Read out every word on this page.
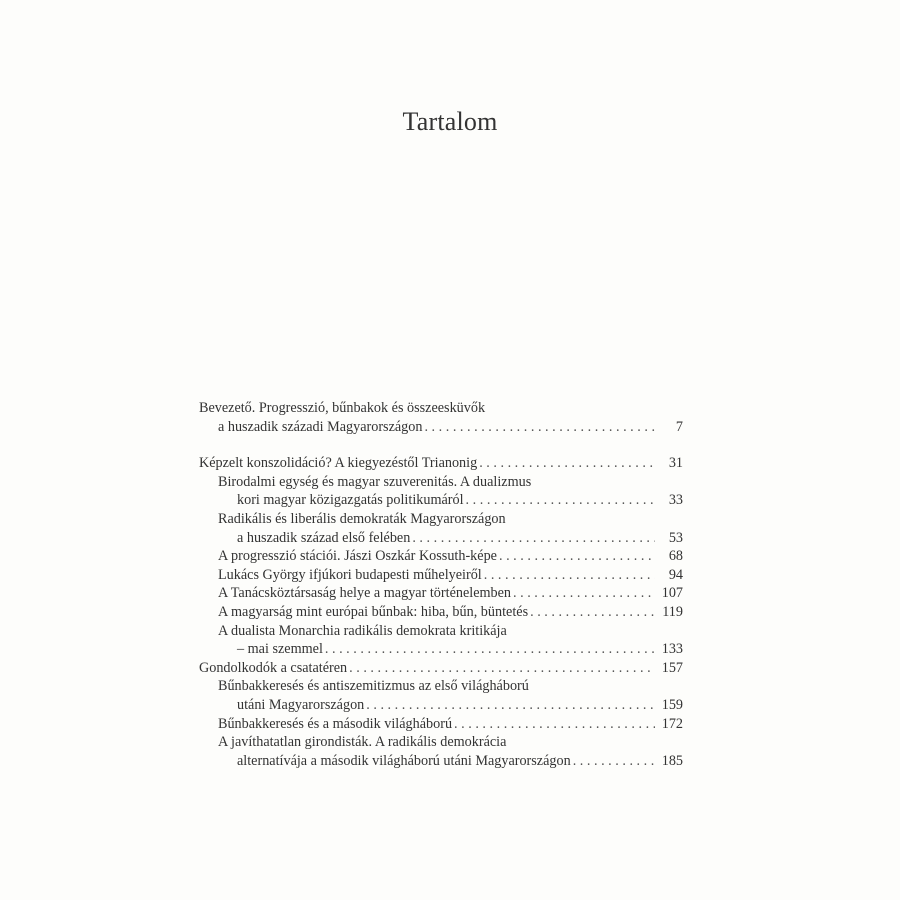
Tartalom
Bevezető. Progresszió, bűnbakok és összeesküvők
a huszadik századi Magyarországon . . .	7
Képzelt konszolidáció? A kiegyezéstől Trianonig . . .	31
Birodalmi egység és magyar szuverenitás. A dualizmus
kori magyar közigazgatás politikumáról . . .	33
Radikális és liberális demokraták Magyarországon
a huszadik század első felében . . .	53
A progresszió stációi. Jászi Oszkár Kossuth-képe . . .	68
Lukács György ifjúkori budapesti műhelyeiről . . .	94
A Tanácsköztársaság helye a magyar történelemben . . .	107
A magyarság mint európai bűnbak: hiba, bűn, büntetés . . .	119
A dualista Monarchia radikális demokrata kritikája
– mai szemmel . . .	133
Gondolkodók a csatatéren . . .	157
Bűnbakkeresés és antiszemitizmus az első világháború
utáni Magyarországon . . .	159
Bűnbakkeresés és a második világháború . . .	172
A javíthatatlan girondisták. A radikális demokrácia
alternatívája a második világháború utáni Magyarországon . . .	185
